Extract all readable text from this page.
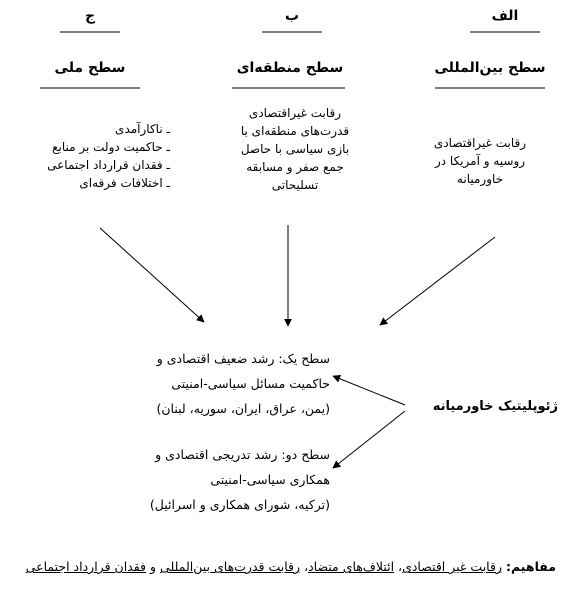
الف
ب
ج
سطح بین‌المللی
سطح منطقه‌ای
سطح ملی
رقابت غیراقتصادی
روسیه و آمریکا در
خاورمیانه
رقابت غیراقتصادی
قدرت‌های منطقه‌ای با
بازی سیاسی با حاصل
جمع صفر و مسابقه
تسلیحاتی
ـ ناکارآمدی
ـ حاکمیت دولت بر منابع
ـ فقدان قرارداد اجتماعی
ـ اختلافات فرقه‌ای
سطح یک: رشد ضعیف اقتصادی و
حاکمیت مسائل سیاسی-امنیتی
(یمن، عراق، ایران، سوریه، لبنان)
سطح دو: رشد تدریجی اقتصادی و
همکاری سیاسی-امنیتی
(ترکیه، شورای همکاری و اسرائیل)
ژئوپلیتیک خاورمیانه
مفاهیم: رقابت غیر اقتصادی، ائتلاف‌های متضاد، رقابت قدرت‌های بین‌المللی و فقدان قرارداد اجتماعی
